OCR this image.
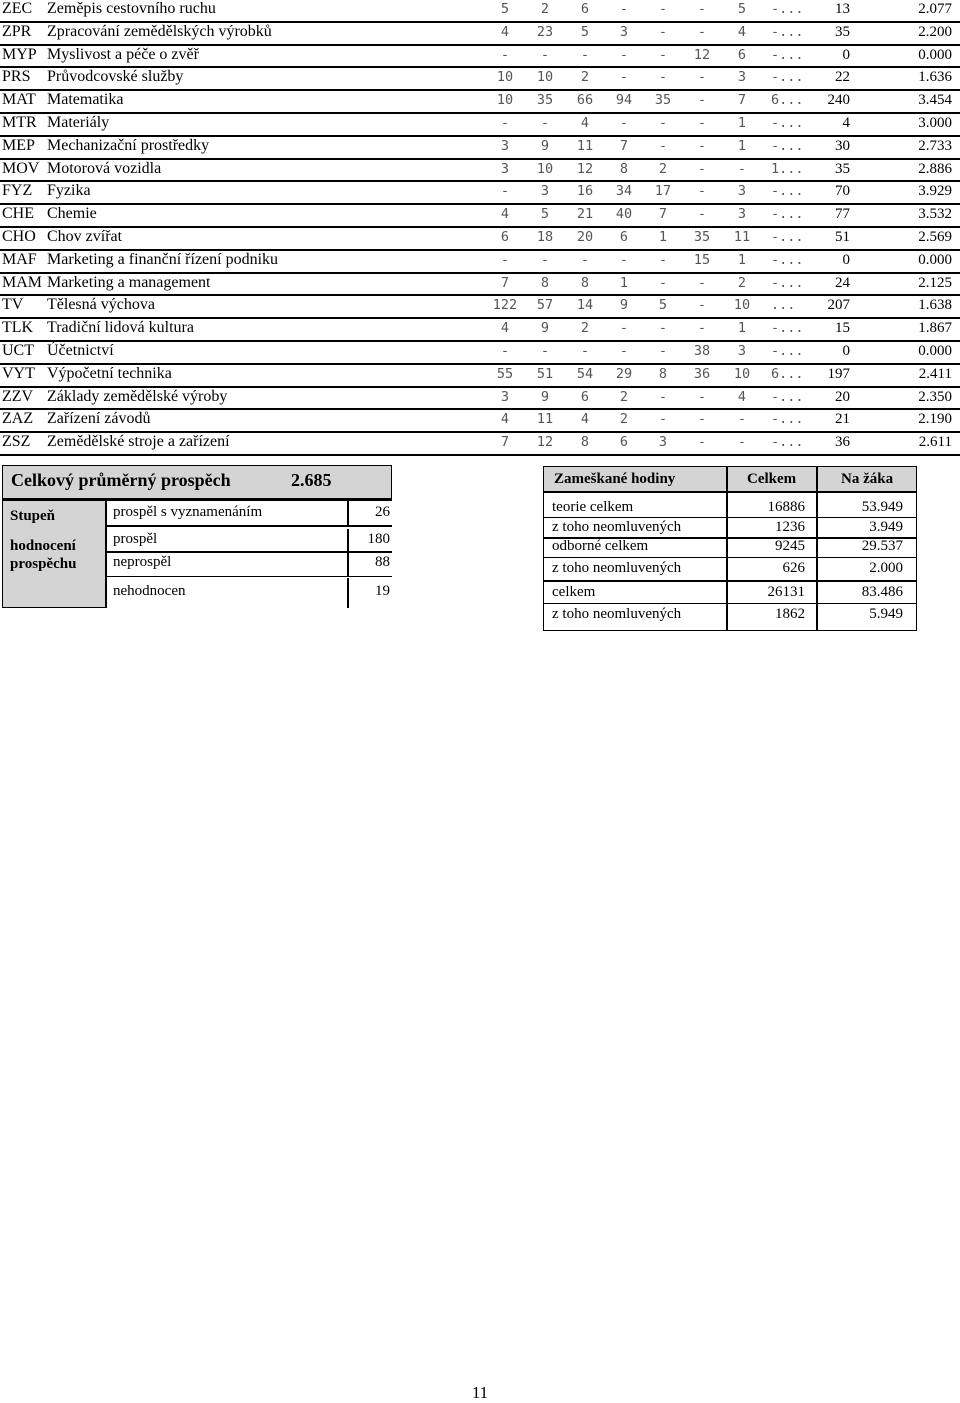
ZEC Zeměpis cestovního ruchu	5	2	6	-	-	-	5	-...	13	2.077
ZPR Zpracování zemědělských výrobků	4	23	5	3	-	-	4	-...	35	2.200
MYP Myslivost a péče o zvěř	-	-	-	-	-	12	6	-...	0	0.000
PRS Průvodcovské služby	10	10	2	-	-	-	3	-...	22	1.636
MAT Matematika	10	35	66	94	35	-	7	6...	240	3.454
MTR Materiály	-	-	4	-	-	-	1	-...	4	3.000
MEP Mechanizační prostředky	3	9	11	7	-	-	1	-...	30	2.733
MOV Motorová vozidla	3	10	12	8	2	-	-	1...	35	2.886
FYZ Fyzika	-	3	16	34	17	-	3	-...	70	3.929
CHE Chemie	4	5	21	40	7	-	3	-...	77	3.532
CHO Chov zvířat	6	18	20	6	1	35	11	-...	51	2.569
MAF Marketing a finanční řízení podniku	-	-	-	-	-	15	1	-...	0	0.000
MAM Marketing a management	7	8	8	1	-	-	2	-...	24	2.125
TV Tělesná výchova	122	57	14	9	5	-	10	...	207	1.638
TLK Tradiční lidová kultura	4	9	2	-	-	-	1	-...	15	1.867
UCT Účetnictví	-	-	-	-	-	38	3	-...	0	0.000
VYT Výpočetní technika	55	51	54	29	8	36	10	6...	197	2.411
ZZV Základy zemědělské výroby	3	9	6	2	-	-	4	-...	20	2.350
ZAZ Zařízení závodů	4	11	4	2	-	-	-	-...	21	2.190
ZSZ Zemědělské stroje a zařízení	7	12	8	6	3	-	-	-...	36	2.611
Celkový průměrný prospěch	2.685
Stupeň
hodnocení prospěchu
prospěl s vyznamenáním	26
prospěl	180
neprospěl	88
nehodnocen	19
Zameškané hodiny	Celkem	Na žáka
teorie celkem	16886	53.949
z toho neomluvených	1236	3.949
odborné celkem	9245	29.537
z toho neomluvených	626	2.000
celkem	26131	83.486
z toho neomluvených	1862	5.949
11
